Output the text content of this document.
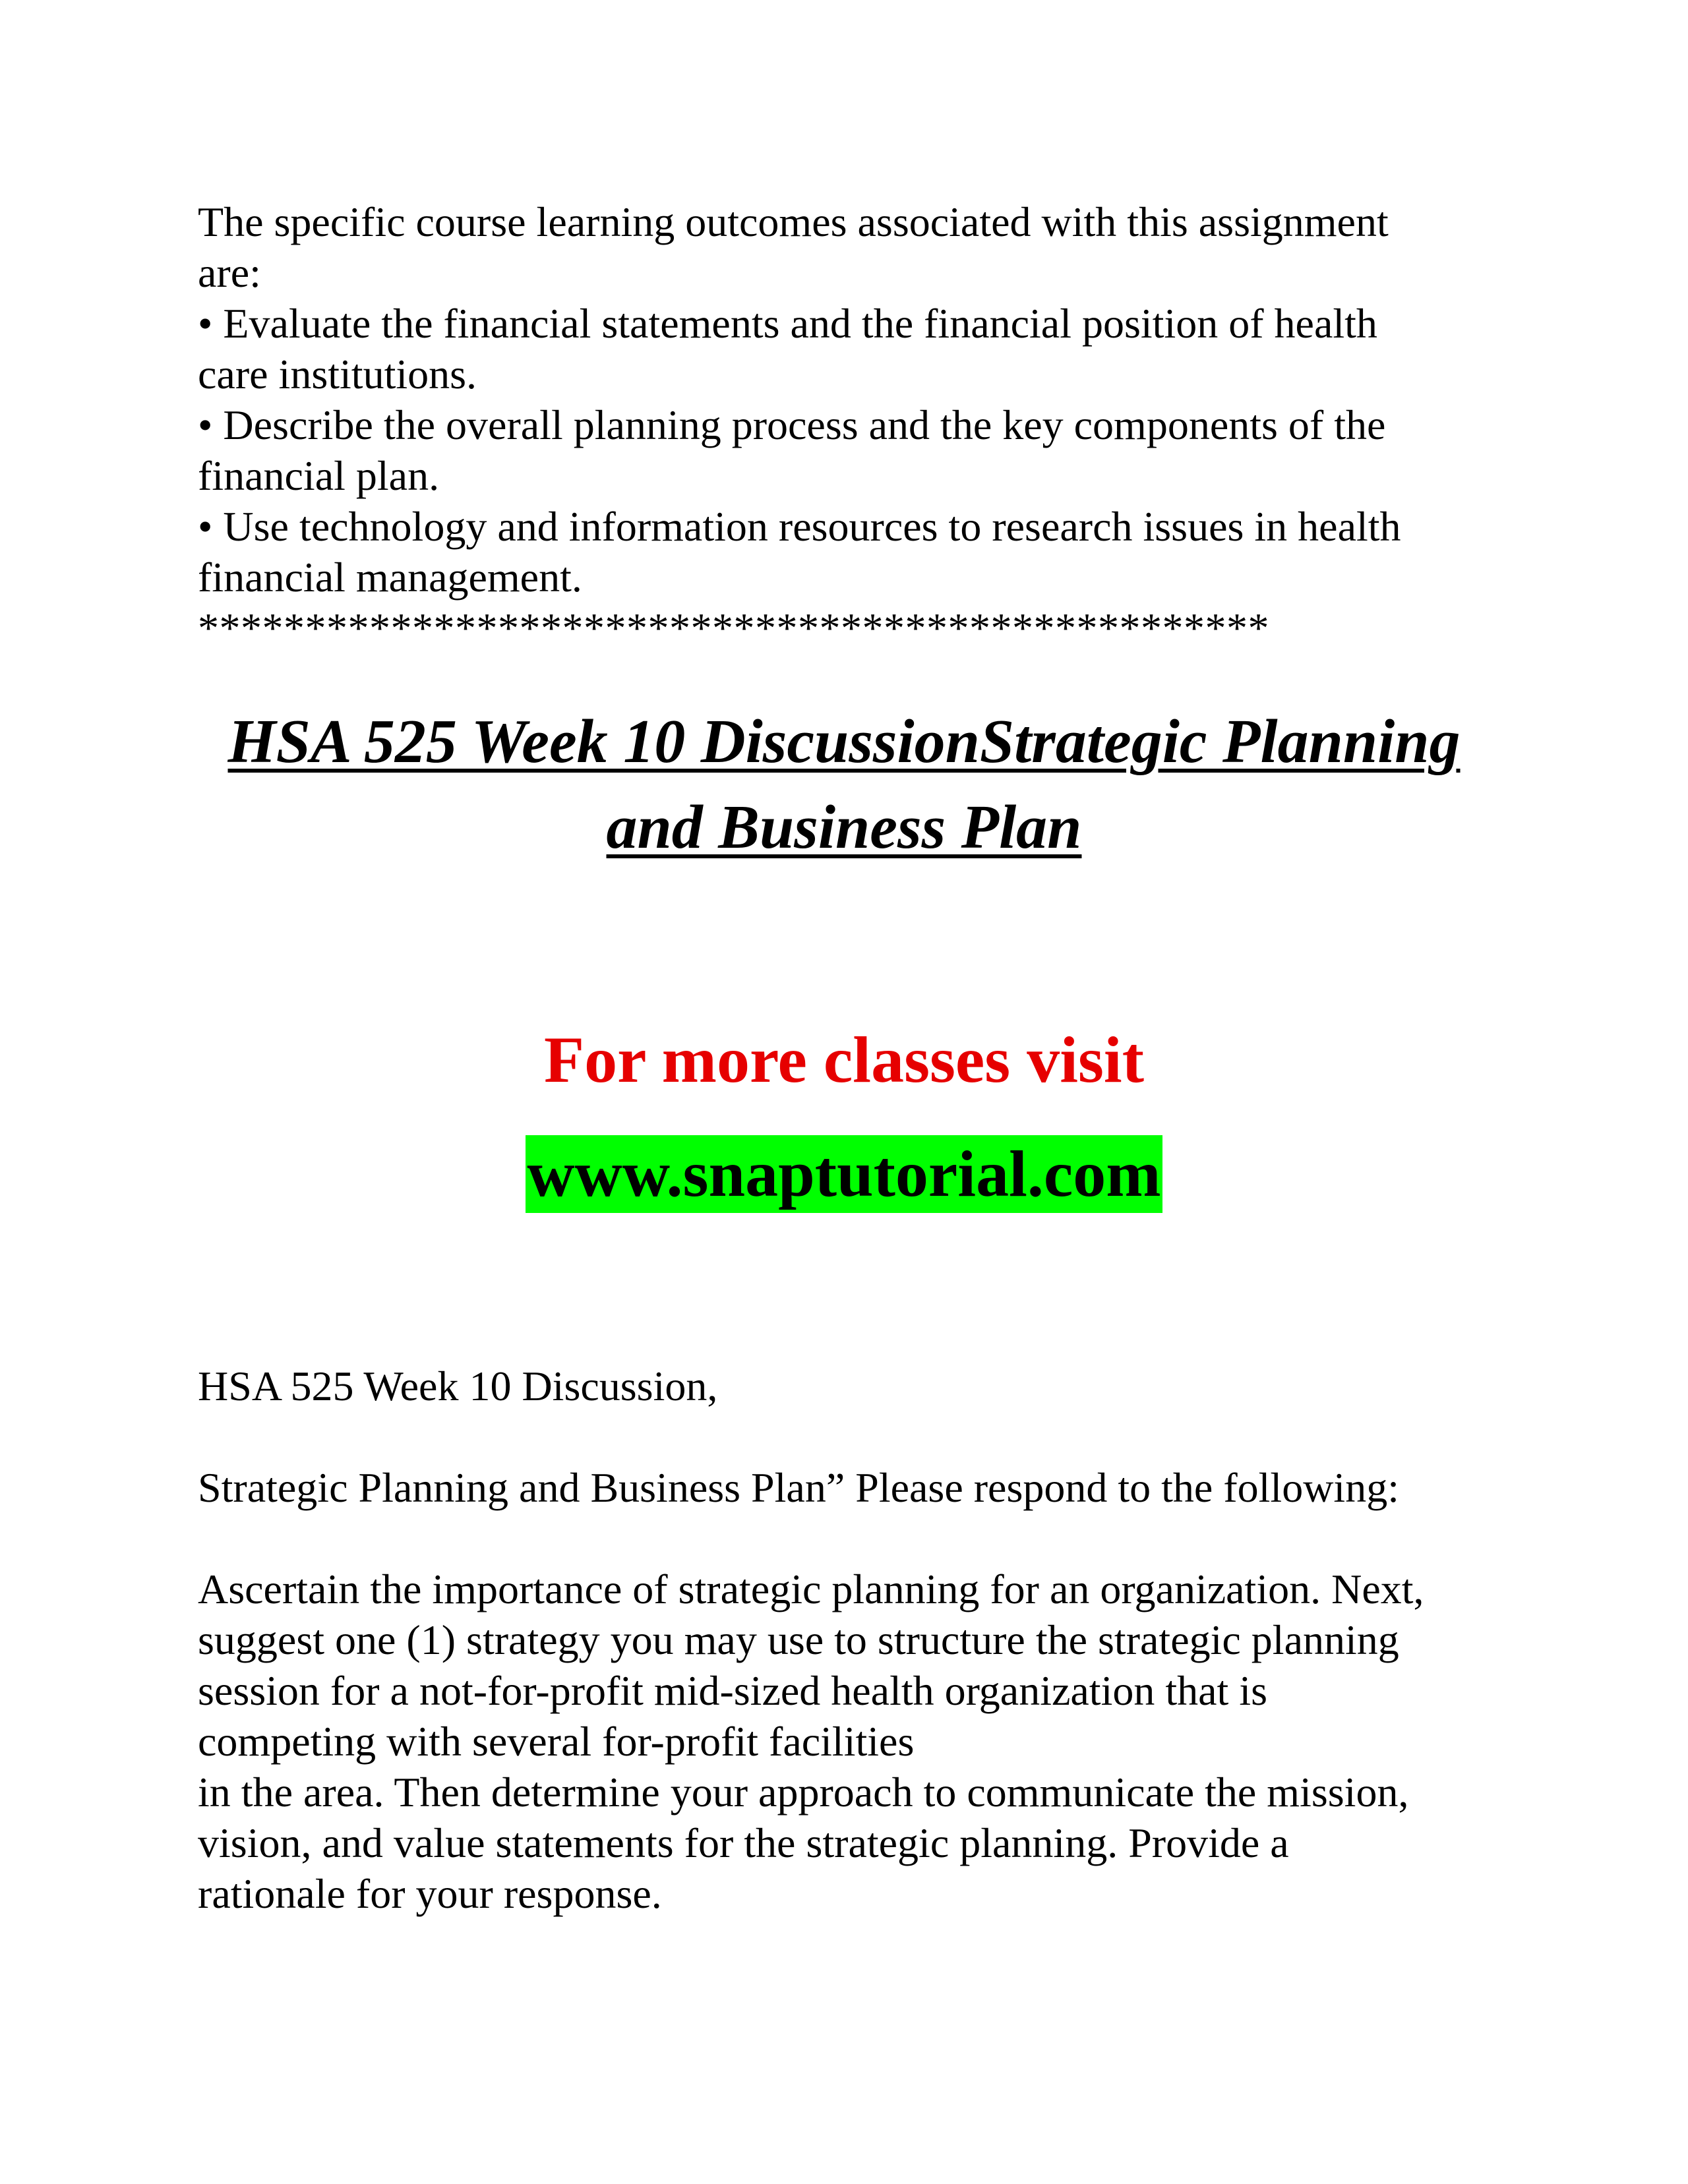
The specific course learning outcomes associated with this assignment
are:
• Evaluate the financial statements and the financial position of health
care institutions.
• Describe the overall planning process and the key components of the
financial plan.
• Use technology and information resources to research issues in health
financial management.
**************************************************
HSA 525 Week 10 DiscussionStrategic Planning
and Business Plan

For more classes visit

www.snaptutorial.com

HSA 525 Week 10 Discussion,

Strategic Planning and Business Plan” Please respond to the following:

Ascertain the importance of strategic planning for an organization. Next,
suggest one (1) strategy you may use to structure the strategic planning
session for a not-for-profit mid-sized health organization that is
competing with several for-profit facilities
in the area. Then determine your approach to communicate the mission,
vision, and value statements for the strategic planning. Provide a
rationale for your response.
